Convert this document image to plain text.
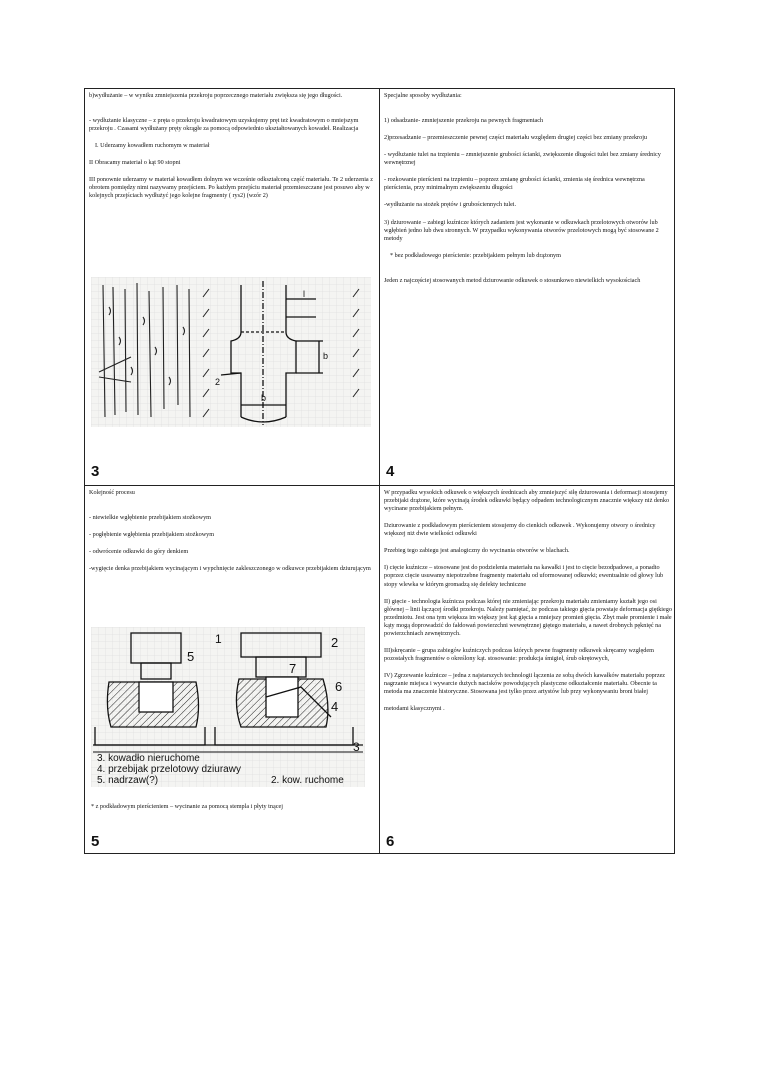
b)wydłużanie – w wyniku zmniejszenia przekroju poprzecznego materiału zwiększa się jego długości.

- wydłużanie klasyczne – z pręta o przekroju kwadratowym uzyskujemy pręt też kwadratowym o mniejszym przekroju . Czasami wydłużany pręty okrągłe za pomocą odpowiednio ukształtowanych kowadeł. Realizacja

I. Uderzamy kowadłem ruchomym w materiał

II Obracamy materiał o kąt 90 stopni

III ponownie uderzamy w materiał kowadłem dolnym we wcześnie odkształconą część materiału. Te 2 uderzenia z obrotem pomiędzy nimi nazywamy przejściem. Po każdym przejściu materiał przemieszczane jest posuwo aby w kolejnych przejściach wydłużyć jego kolejne fragmenty ( rys2) (wzór 2)

l
b
2
b
3

Specjalne sposoby wydłużania:

1) odsadzanie- zmniejszenie przekroju na pewnych fragmentach

2)przesadzanie – przemieszczenie pewnej części materiału względem drugiej części bez zmiany przekroju

- wydłużanie tulei na trzpieniu – zmniejszenie grubości ścianki, zwiększenie długości tulei bez zmiany średnicy wewnętrznej

- rozkowanie pierścieni na trzpieniu – poprzez zmianę grubości ścianki, zmienia się średnica wewnętrzna pierścienia, przy minimalnym zwiększeniu długości

-wydłużanie na stożek prętów i grubościennych tulei.

3) dziurowanie – zabiegi kuźnicze których zadaniem jest wykonanie w odkuwkach przelotowych otworów lub wgłębień jedno lub dwu stronnych. W przypadku wykonywania otworów przelotowych mogą być stosowane 2 metody

* bez podkładowego pierścienie: przebijakiem pełnym lub drążonym

Jeden z najczęściej stosowanych metod dziurowanie odkuwek o stosunkowo niewielkich wysokościach

4

Kolejność procesu

- niewielkie wgłębienie przebijakiem stożkowym

- pogłębienie wgłębienia przebijakiem stożkowym

- odwrócenie odkuwki do góry denkiem

-wygięcie denka przebijakiem wycinającym i wypchnięcie zakleszczonego w odkuwce przebijakiem dziurującym

5
1	2
7
6
4
3
3. kowadło nieruchome
4. przebijak przelotowy dziurawy
5. nadrzaw(?)	2. kow. ruchome

* z podkładowym pierścieniem – wycinanie za pomocą stempla i płyty tnącej

5

W przypadku wysokich odkuwek o większych średnicach aby zmniejszyć siłę dziurowania i deformacji stosujemy przebijaki drążone, które wycinają środek odkuwki będący odpadem technologicznym znacznie większy niż denko wycinane przebijakiem pełnym.

Dziurowanie z podkładowym pierścieniem stosujemy do cienkich odkuwek . Wykonujemy otwory o średnicy większej niż dwie wielkości odkuwki

Przebieg tego zabiegu jest analogiczny do wycinania otworów w blachach.

I) cięcie kuźnicze – stosowane jest do podzielenia materiału na kawałki i jest to cięcie bezodpadowe, a ponadto poprzez cięcie usuwamy niepotrzebne fragmenty materiału od uformowanej odkuwki; ewentualnie od głowy lub stopy wlewka w którym gromadzą się defekty techniczne

II) gięcie - technologia kuźnicza podczas której nie zmieniając przekroju materiału zmieniamy kształt jego osi głównej – linii łączącej środki przekroju. Należy pamiętać, że podczas takiego gięcia powstaje deformacja giętkiego przedmiotu. Jest ona tym większa im większy jest kąt gięcia a mniejszy promień gięcia. Zbyt małe promienie i małe kąty mogą doprowadzić do fałdowań powierzchni wewnętrznej giętego materiału, a nawet drobnych pęknięć na powierzchniach zewnętrznych.

III)skręcanie – grupa zabiegów kuźniczych podczas których pewne fragmenty odkuwek skręcamy względem pozostałych fragmentów o określony kąt. stosowanie: produkcja śmigieł, śrub okrętowych,

IV) Zgrzewanie kuźnicze – jedna z najstarszych technologii łączenia ze sobą dwóch kawałków materiału poprzez nagrzanie miejsca i wywarcie dużych nacisków powodujących plastyczne odkształcenie materiału. Obecnie ta metoda ma znaczenie historyczne. Stosowana jest tylko przez artystów lub przy wykonywaniu broni białej

metodami klasycznymi .

6
